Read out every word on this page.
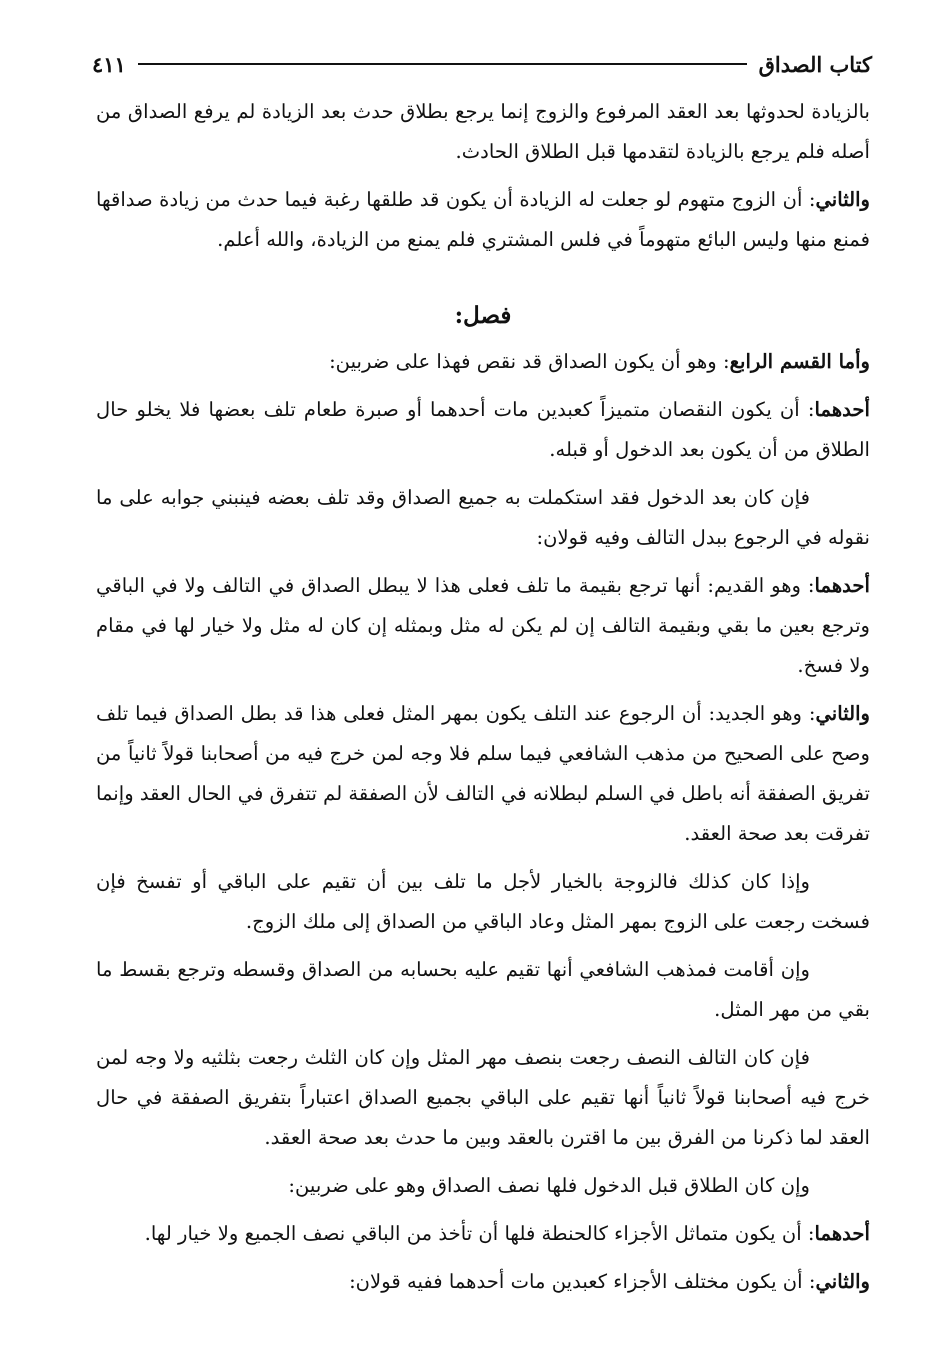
كتاب الصداق
٤١١

بالزيادة لحدوثها بعد العقد المرفوع والزوج إنما يرجع بطلاق حدث بعد الزيادة لم يرفع الصداق من أصله فلم يرجع بالزيادة لتقدمها قبل الطلاق الحادث.

والثاني: أن الزوج متهوم لو جعلت له الزيادة أن يكون قد طلقها رغبة فيما حدث من زيادة صداقها فمنع منها وليس البائع متهوماً في فلس المشتري فلم يمنع من الزيادة، والله أعلم.

فصل:

وأما القسم الرابع: وهو أن يكون الصداق قد نقص فهذا على ضربين:

أحدهما: أن يكون النقصان متميزاً كعبدين مات أحدهما أو صبرة طعام تلف بعضها فلا يخلو حال الطلاق من أن يكون بعد الدخول أو قبله.

فإن كان بعد الدخول فقد استكملت به جميع الصداق وقد تلف بعضه فينبني جوابه على ما نقوله في الرجوع ببدل التالف وفيه قولان:

أحدهما: وهو القديم: أنها ترجع بقيمة ما تلف فعلى هذا لا يبطل الصداق في التالف ولا في الباقي وترجع بعين ما بقي وبقيمة التالف إن لم يكن له مثل وبمثله إن كان له مثل ولا خيار لها في مقام ولا فسخ.

والثاني: وهو الجديد: أن الرجوع عند التلف يكون بمهر المثل فعلى هذا قد بطل الصداق فيما تلف وصح على الصحيح من مذهب الشافعي فيما سلم فلا وجه لمن خرج فيه من أصحابنا قولاً ثانياً من تفريق الصفقة أنه باطل في السلم لبطلانه في التالف لأن الصفقة لم تتفرق في الحال العقد وإنما تفرقت بعد صحة العقد.

وإذا كان كذلك فالزوجة بالخيار لأجل ما تلف بين أن تقيم على الباقي أو تفسخ فإن فسخت رجعت على الزوج بمهر المثل وعاد الباقي من الصداق إلى ملك الزوج.

وإن أقامت فمذهب الشافعي أنها تقيم عليه بحسابه من الصداق وقسطه وترجع بقسط ما بقي من مهر المثل.

فإن كان التالف النصف رجعت بنصف مهر المثل وإن كان الثلث رجعت بثلثيه ولا وجه لمن خرج فيه أصحابنا قولاً ثانياً أنها تقيم على الباقي بجميع الصداق اعتباراً بتفريق الصفقة في حال العقد لما ذكرنا من الفرق بين ما اقترن بالعقد وبين ما حدث بعد صحة العقد.

وإن كان الطلاق قبل الدخول فلها نصف الصداق وهو على ضربين:

أحدهما: أن يكون متماثل الأجزاء كالحنطة فلها أن تأخذ من الباقي نصف الجميع ولا خيار لها.

والثاني: أن يكون مختلف الأجزاء كعبدين مات أحدهما ففيه قولان:
